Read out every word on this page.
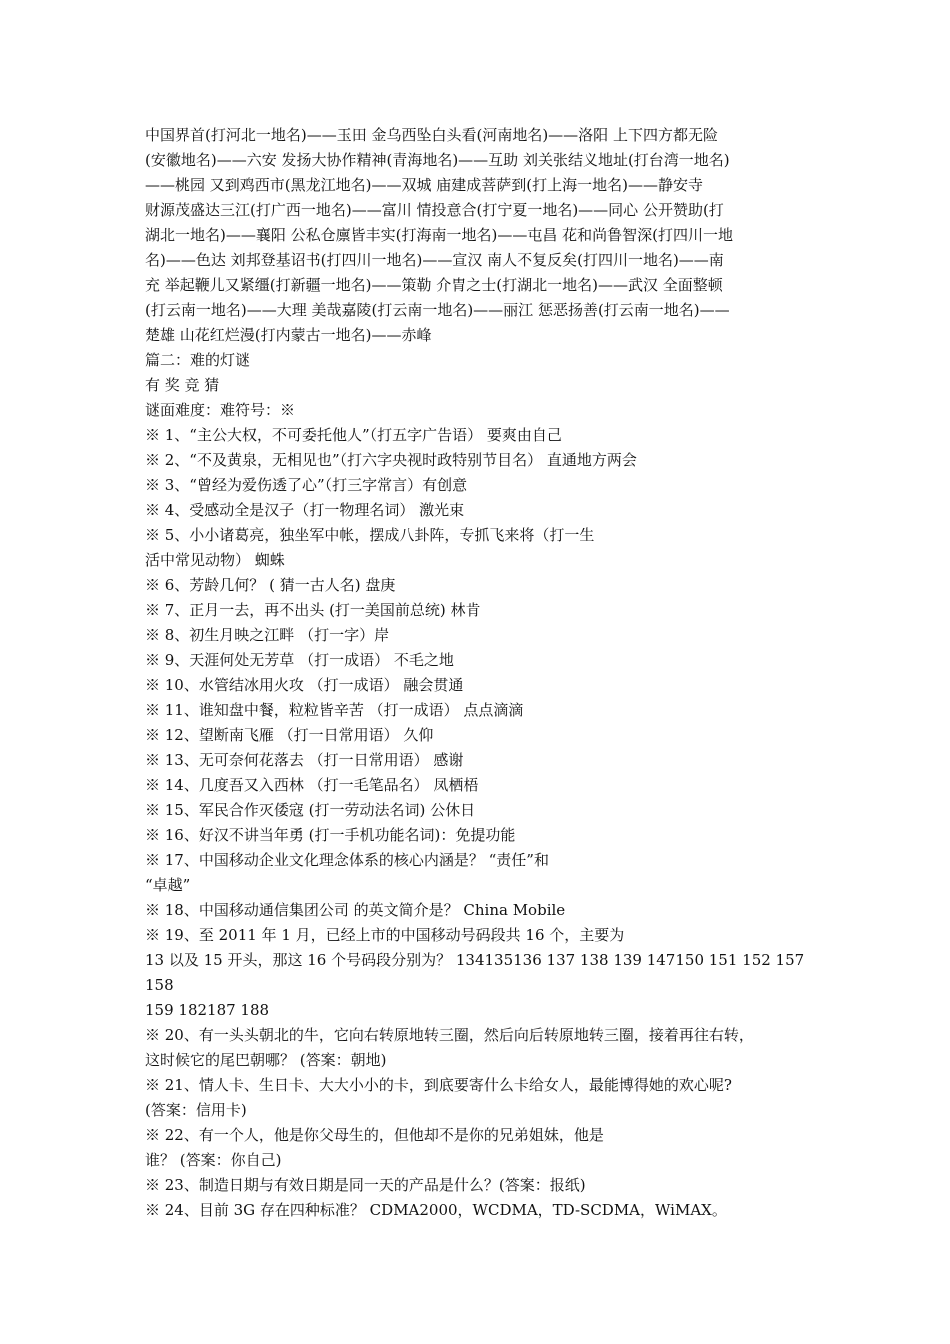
中国界首(打河北一地名)——玉田 金乌西坠白头看(河南地名)——洛阳 上下四方都无险
(安徽地名)——六安 发扬大协作精神(青海地名)——互助 刘关张结义地址(打台湾一地名)
——桃园 又到鸡西市(黑龙江地名)——双城 庙建成菩萨到(打上海一地名)——静安寺
财源茂盛达三江(打广西一地名)——富川 情投意合(打宁夏一地名)——同心 公开赞助(打
湖北一地名)——襄阳 公私仓廪皆丰实(打海南一地名)——屯昌 花和尚鲁智深(打四川一地
名)——色达 刘邦登基诏书(打四川一地名)——宣汉 南人不复反矣(打四川一地名)——南
充 举起鞭儿又紧缰(打新疆一地名)——策勒 介胄之士(打湖北一地名)——武汉 全面整顿
(打云南一地名)——大理 美哉嘉陵(打云南一地名)——丽江 惩恶扬善(打云南一地名)——
楚雄 山花红烂漫(打内蒙古一地名)——赤峰
篇二：难的灯谜
有 奖 竞 猜
谜面难度：难符号：※
※ 1、“主公大权，不可委托他人”（打五字广告语） 要爽由自己
※ 2、“不及黄泉，无相见也”（打六字央视时政特别节目名） 直通地方两会
※ 3、“曾经为爱伤透了心”（打三字常言）有创意
※ 4、受感动全是汉子（打一物理名词） 激光束
※ 5、小小诸葛亮，独坐军中帐，摆成八卦阵，专抓飞来将（打一生
活中常见动物） 蜘蛛
※ 6、芳龄几何？ ( 猜一古人名) 盘庚
※ 7、正月一去，再不出头 (打一美国前总统) 林肯
※ 8、初生月映之江畔 （打一字）岸
※ 9、天涯何处无芳草 （打一成语） 不毛之地
※ 10、水管结冰用火攻 （打一成语） 融会贯通
※ 11、谁知盘中餐，粒粒皆辛苦 （打一成语） 点点滴滴
※ 12、望断南飞雁 （打一日常用语） 久仰
※ 13、无可奈何花落去 （打一日常用语） 感谢
※ 14、几度吾又入西林 （打一毛笔品名） 凤栖梧
※ 15、军民合作灭倭寇 (打一劳动法名词) 公休日
※ 16、好汉不讲当年勇 (打一手机功能名词)：免提功能
※ 17、中国移动企业文化理念体系的核心内涵是？ “责任”和
“卓越”
※ 18、中国移动通信集团公司 的英文简介是？ China Mobile
※ 19、至 2011 年 1 月，已经上市的中国移动号码段共 16 个，主要为
13 以及 15 开头，那这 16 个号码段分别为？ 134135136 137 138 139 147150 151 152 157
158
159 182187 188
※ 20、有一头头朝北的牛，它向右转原地转三圈，然后向后转原地转三圈，接着再往右转，
这时候它的尾巴朝哪？ (答案：朝地)
※ 21、情人卡、生日卡、大大小小的卡，到底要寄什么卡给女人，最能博得她的欢心呢?
(答案：信用卡)
※ 22、有一个人，他是你父母生的，但他却不是你的兄弟姐妹，他是
谁？ (答案：你自己)
※ 23、制造日期与有效日期是同一天的产品是什么？(答案：报纸)
※ 24、目前 3G 存在四种标准？ CDMA2000，WCDMA，TD-SCDMA，WiMAX。
